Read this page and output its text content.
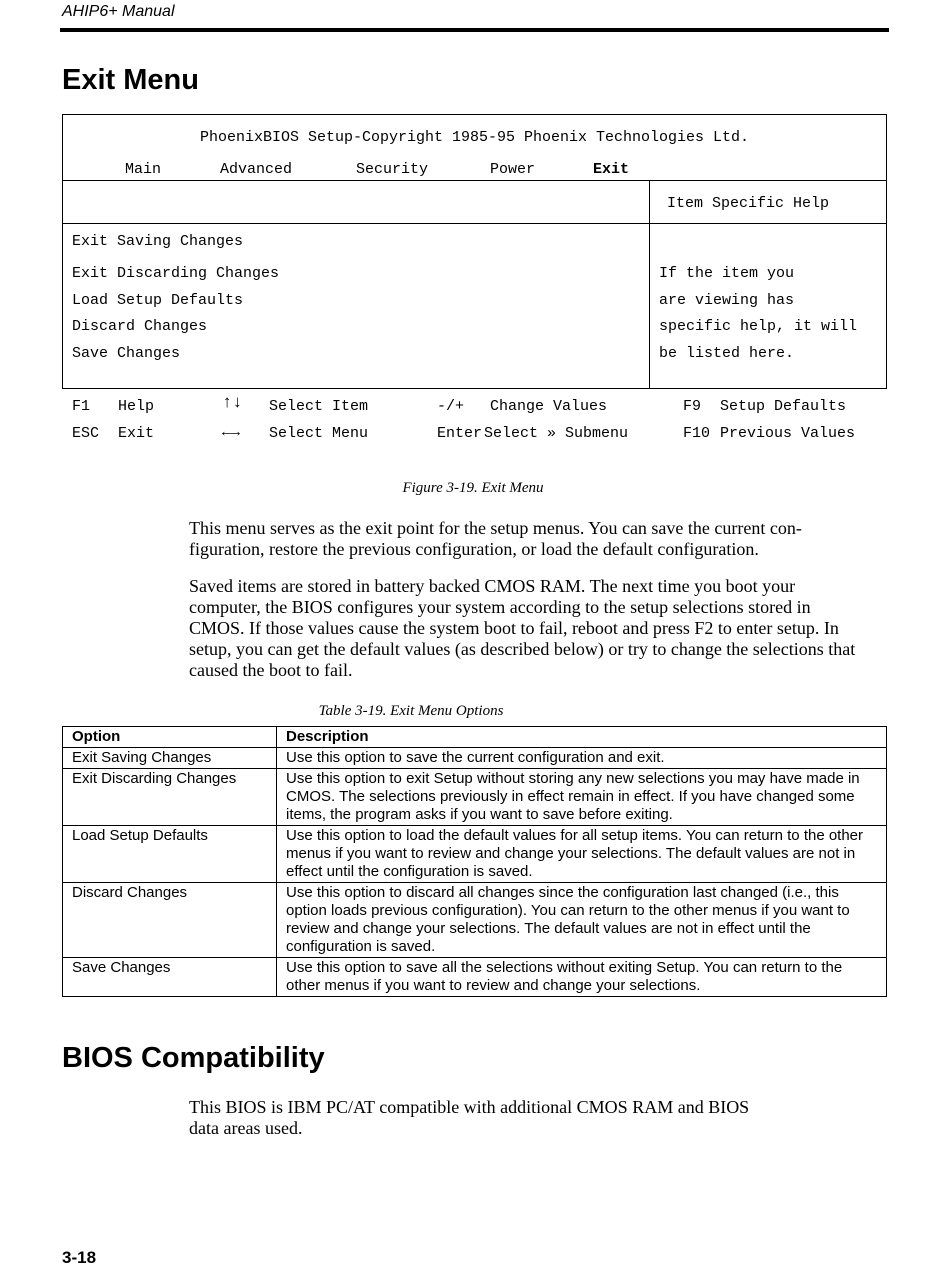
AHIP6+ Manual
Exit Menu
PhoenixBIOS Setup-Copyright 1985-95 Phoenix Technologies Ltd.
Main	Advanced	Security	Power	Exit
Item Specific Help
Exit Saving Changes
Exit Discarding Changes
Load Setup Defaults
Discard Changes
Save Changes
If the item you
are viewing has
specific help, it will
be listed here.
F1 Help	↑↓ Select Item	-/+ Change Values	F9 Setup Defaults
ESC Exit	←→ Select Menu	Enter Select » Submenu	F10 Previous Values
Figure 3-19. Exit Menu

This menu serves as the exit point for the setup menus. You can save the current con-figuration, restore the previous configuration, or load the default configuration.

Saved items are stored in battery backed CMOS RAM. The next time you boot your computer, the BIOS configures your system according to the setup selections stored in CMOS. If those values cause the system boot to fail, reboot and press F2 to enter setup. In setup, you can get the default values (as described below) or try to change the selections that caused the boot to fail.

Table 3-19. Exit Menu Options
Option	Description
Exit Saving Changes	Use this option to save the current configuration and exit.
Exit Discarding Changes	Use this option to exit Setup without storing any new selections you may have made in CMOS. The selections previously in effect remain in effect. If you have changed some items, the program asks if you want to save before exiting.
Load Setup Defaults	Use this option to load the default values for all setup items. You can return to the other menus if you want to review and change your selections. The default values are not in effect until the configuration is saved.
Discard Changes	Use this option to discard all changes since the configuration last changed (i.e., this option loads previous configuration). You can return to the other menus if you want to review and change your selections. The default values are not in effect until the configuration is saved.
Save Changes	Use this option to save all the selections without exiting Setup. You can return to the other menus if you want to review and change your selections.
BIOS Compatibility

This BIOS is IBM PC/AT compatible with additional CMOS RAM and BIOS data areas used.

3-18
